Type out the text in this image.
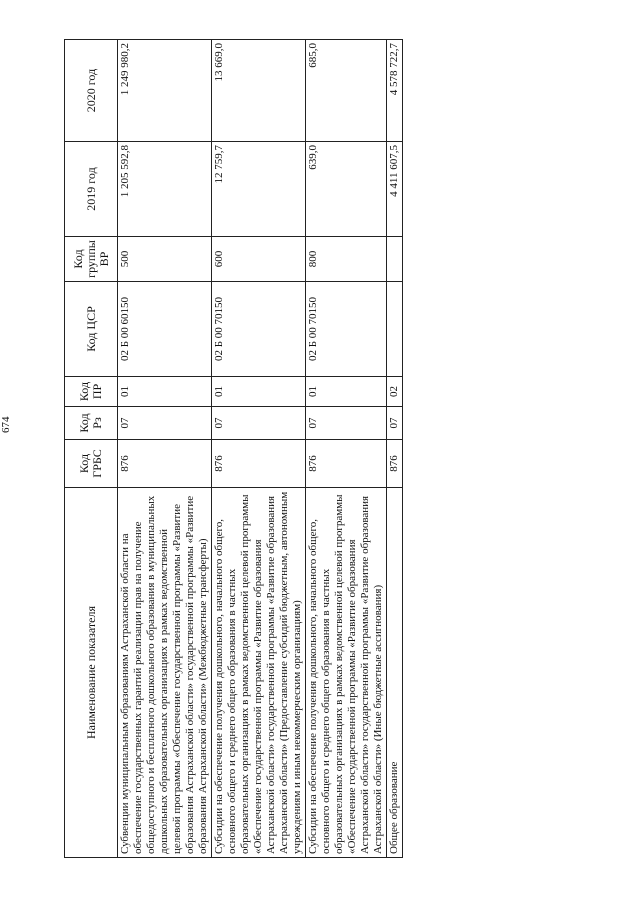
674
Наименование показателя	Код ГРБС	Код Рз	Код ПР	Код ЦСР	Код группы ВР	2019 год	2020 год
Субвенции муниципальным образованиям Астраханской области на обеспечение государственных гарантий реализации прав на получение общедоступного и бесплатного дошкольного образования в муниципальных дошкольных образовательных организациях в рамках ведомственной целевой программы «Обеспечение государственной программы «Развитие образования Астраханской области» государственной программы «Развитие образования Астраханской области» (Межбюджетные трансферты)	876	07	01	02 Б 00 60150	500	1 205 592,8	1 249 980,2
Субсидии на обеспечение получения дошкольного, начального общего, основного общего и среднего общего образования в частных образовательных организациях в рамках ведомственной целевой программы «Обеспечение государственной программы «Развитие образования Астраханской области» государственной программы «Развитие образования Астраханской области» (Предоставление субсидий бюджетным, автономным учреждениям и иным некоммерческим организациям)	876	07	01	02 Б 00 70150	600	12 759,7	13 669,0
Субсидии на обеспечение получения дошкольного, начального общего, основного общего и среднего общего образования в частных образовательных организациях в рамках ведомственной целевой программы «Обеспечение государственной программы «Развитие образования Астраханской области» государственной программы «Развитие образования Астраханской области» (Иные бюджетные ассигнования)	876	07	01	02 Б 00 70150	800	639,0	685,0
Общее образование	876	07	02			4 411 607,5	4 578 722,7
